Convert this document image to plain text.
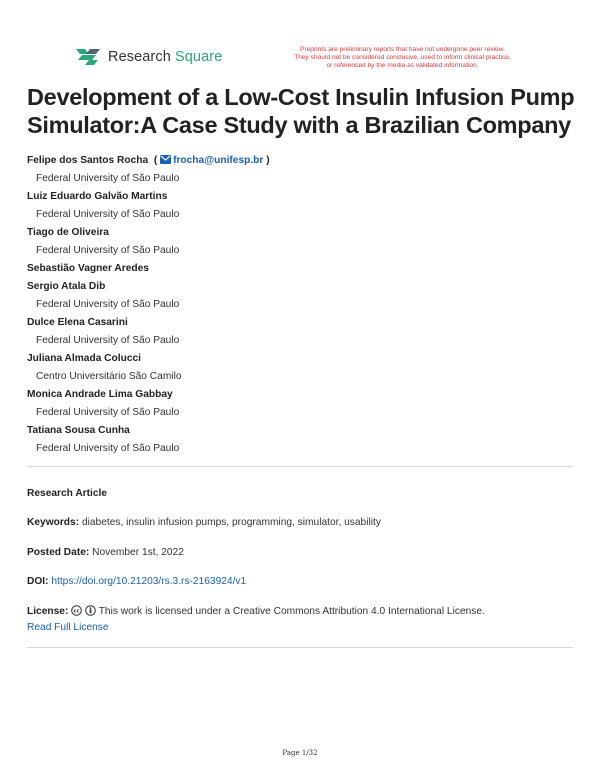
Research Square	Preprints are preliminary reports that have not undergone peer review.
They should not be considered conclusive, used to inform clinical practice,
or referenced by the media as validated information.
Development of a Low-Cost Insulin Infusion Pump Simulator:A Case Study with a Brazilian Company
Felipe dos Santos Rocha  ( frocha@unifesp.br )
Federal University of São Paulo
Luiz Eduardo Galvão Martins
Federal University of São Paulo
Tiago de Oliveira
Federal University of São Paulo
Sebastião Vagner Aredes
Sergio Atala Dib
Federal University of São Paulo
Dulce Elena Casarini
Federal University of São Paulo
Juliana Almada Colucci
Centro Universitário São Camilo
Monica Andrade Lima Gabbay
Federal University of São Paulo
Tatiana Sousa Cunha
Federal University of São Paulo
Research Article
Keywords: diabetes, insulin infusion pumps, programming, simulator, usability
Posted Date: November 1st, 2022
DOI: https://doi.org/10.21203/rs.3.rs-2163924/v1
License: cc This work is licensed under a Creative Commons Attribution 4.0 International License.
Read Full License
Page 1/32
